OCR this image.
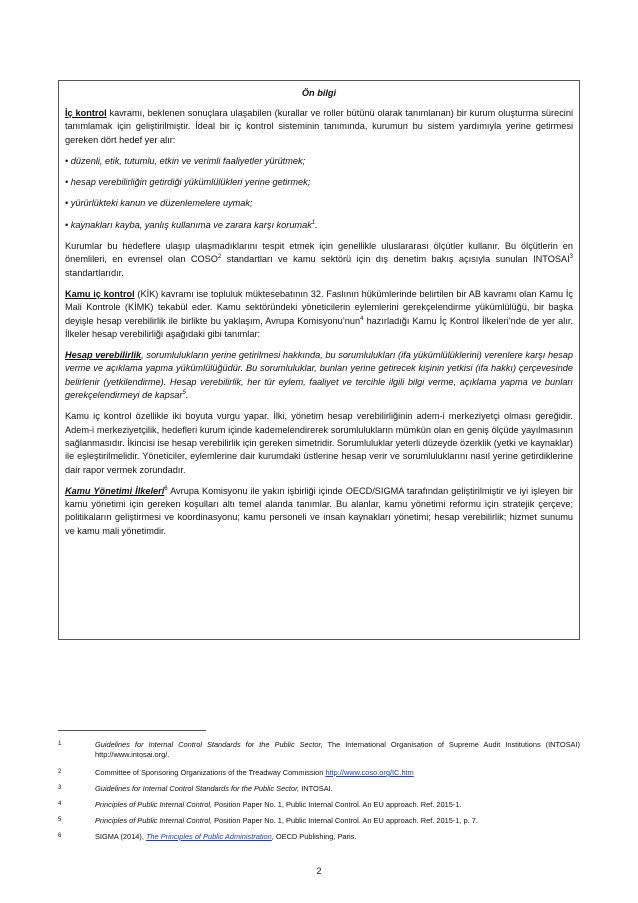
Ön bilgi

İç kontrol kavramı, beklenen sonuçlara ulaşabilen (kurallar ve roller bütünü olarak tanımlanan) bir kurum oluşturma sürecini tanımlamak için geliştirilmiştir. İdeal bir iç kontrol sisteminin tanımında, kurumun bu sistem yardımıyla yerine getirmesi gereken dört hedef yer alır:

• düzenli, etik, tutumlu, etkin ve verimli faaliyetler yürütmek;

• hesap verebilirliğin getirdiği yükümlülükleri yerine getirmek;

• yürürlükteki kanun ve düzenlemelere uymak;

• kaynakları kayba, yanlış kullanıma ve zarara karşı korumak$^1$.

Kurumlar bu hedeflere ulaşıp ulaşmadıklarını tespit etmek için genellikle uluslararası ölçütler kullanır. Bu ölçütlerin en önemlileri, en evrensel olan COSO$^2$ standartları ve kamu sektörü için dış denetim bakış açısıyla sunulan INTOSAI$^3$ standartlarıdır.

Kamu iç kontrol (KİK) kavramı ise topluluk müktesebatının 32. Faslının hükümlerinde belirtilen bir AB kavramı olan Kamu İç Mali Kontrole (KİMK) tekabül eder. Kamu sektöründeki yöneticilerin eylemlerini gerekçelendirme yükümlülüğü, bir başka deyişle hesap verebilirlik ile birlikte bu yaklaşım, Avrupa Komisyonu’nun$^4$ hazırladığı Kamu İç Kontrol İlkeleri’nde de yer alır. İlkeler hesap verebilirliği aşağıdaki gibi tanımlar:

Hesap verebilirlik, sorumlulukların yerine getirilmesi hakkında, bu sorumlulukları (ifa yükümlülüklerini) verenlere karşı hesap verme ve açıklama yapma yükümlülüğüdür. Bu sorumluluklar, bunları yerine getirecek kişinin yetkisi (ifa hakkı) çerçevesinde belirlenir (yetkilendirme). Hesap verebilirlik, her tür eylem, faaliyet ve tercihle ilgili bilgi verme, açıklama yapma ve bunları gerekçelendirmeyi de kapsar$^5$.

Kamu iç kontrol özellikle iki boyuta vurgu yapar. İlki, yönetim hesap verebilirliğinin adem-i merkeziyetçi olması gereğidir. Adem-i merkeziyetçilik, hedefleri kurum içinde kademelendirerek sorumlulukların mümkün olan en geniş ölçüde yayılmasının sağlanmasıdır. İkincisi ise hesap verebilirlik için gereken simetridir. Sorumluluklar yeterli düzeyde özerklik (yetki ve kaynaklar) ile eşleştirilmelidir. Yöneticiler, eylemlerine dair kurumdaki üstlerine hesap verir ve sorumluluklarını nasıl yerine getirdiklerine dair rapor vermek zorundadır.

Kamu Yönetimi İlkeleri$^6$ Avrupa Komisyonu ile yakın işbirliği içinde OECD/SIGMA tarafından geliştirilmiştir ve iyi işleyen bir kamu yönetimi için gereken koşulları altı temel alanda tanımlar. Bu alanlar, kamu yönetimi reformu için stratejik çerçeve; politikaların geliştirmesi ve koordinasyonu; kamu personeli ve insan kaynakları yönetimi; hesap verebilirlik; hizmet sunumu ve kamu mali yönetimdir.

1	Guidelines for Internal Control Standards for the Public Sector, The International Organisation of Supreme Audit Institutions (INTOSAI) http://www.intosai.org/.
2	Committee of Sponsoring Organizations of the Treadway Commission http://www.coso.org/IC.htm
3	Guidelines for Internal Control Standards for the Public Sector, INTOSAI.
4	Principles of Public Internal Control, Position Paper No. 1, Public Internal Control. An EU approach. Ref. 2015-1.
5	Principles of Public Internal Control, Position Paper No. 1, Public Internal Control. An EU approach. Ref. 2015-1, p. 7.
6	SIGMA (2014), The Principles of Public Administration, OECD Publishing, Paris.
2
